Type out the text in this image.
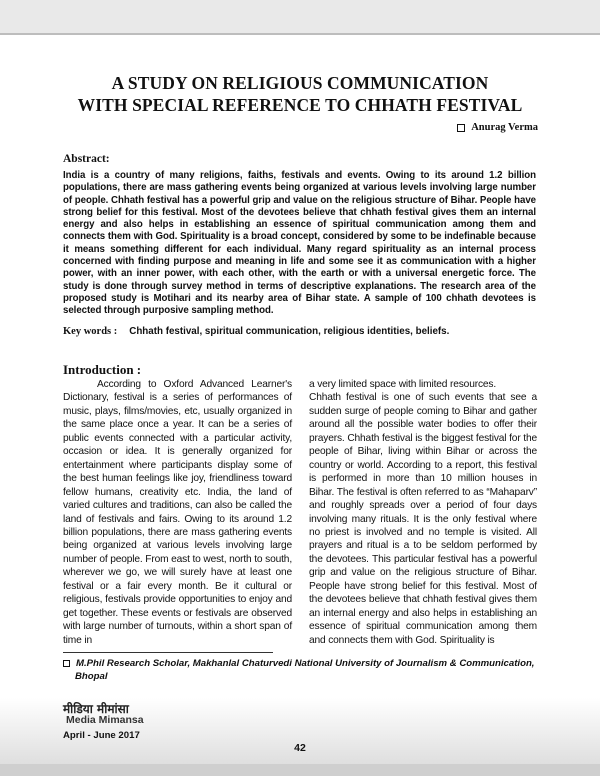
A STUDY ON RELIGIOUS COMMUNICATION
WITH SPECIAL REFERENCE TO CHHATH FESTIVAL
Anurag Verma
Abstract:
India is a country of many religions, faiths, festivals and events. Owing to its around 1.2 billion populations, there are mass gathering events being organized at various levels involving large number of people. Chhath festival has a powerful grip and value on the religious structure of Bihar. People have strong belief for this festival. Most of the devotees believe that chhath festival gives them an internal energy and also helps in establishing an essence of spiritual communication among them and connects them with God. Spirituality is a broad concept, considered by some to be indefinable because it means something different for each individual. Many regard spirituality as an internal process concerned with finding purpose and meaning in life and some see it as communication with a higher power, with an inner power, with each other, with the earth or with a universal energetic force. The study is done through survey method in terms of descriptive explanations. The research area of the proposed study is Motihari and its nearby area of Bihar state. A sample of 100 chhath devotees is selected through purposive sampling method.
Key words : Chhath festival, spiritual communication, religious identities, beliefs.
Introduction :

According to Oxford Advanced Learner's Dictionary, festival is a series of performances of music, plays, films/movies, etc, usually organized in the same place once a year. It can be a series of public events connected with a particular activity, occasion or idea. It is generally organized for entertainment where participants display some of the best human feelings like joy, friendliness toward fellow humans, creativity etc. India, the land of varied cultures and traditions, can also be called the land of festivals and fairs. Owing to its around 1.2 billion populations, there are mass gathering events being organized at various levels involving large number of people. From east to west, north to south, wherever we go, we will surely have at least one festival or a fair every month. Be it cultural or religious, festivals provide opportunities to enjoy and get together. These events or festivals are observed with large number of turnouts, within a short span of time in

a very limited space with limited resources.

Chhath festival is one of such events that see a sudden surge of people coming to Bihar and gather around all the possible water bodies to offer their prayers. Chhath festival is the biggest festival for the people of Bihar, living within Bihar or across the country or world. According to a report, this festival is performed in more than 10 million houses in Bihar. The festival is often referred to as “Mahaparv” and roughly spreads over a period of four days involving many rituals. It is the only festival where no priest is involved and no temple is visited. All prayers and ritual is a to be seldom performed by the devotees. This particular festival has a powerful grip and value on the religious structure of Bihar. People have strong belief for this festival. Most of the devotees believe that chhath festival gives them an internal energy and also helps in establishing an essence of spiritual communication among them and connects them with God. Spirituality is

M.Phil Research Scholar, Makhanlal Chaturvedi National University of Journalism & Communication,
Bhopal
मीडिया मीमांसा
Media Mimansa
April - June 2017
42
